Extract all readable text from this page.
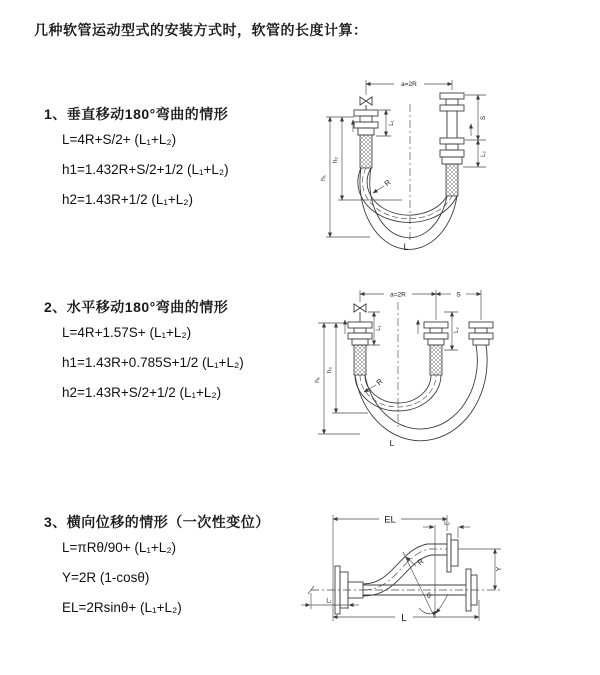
几种软管运动型式的安装方式时，软管的长度计算：
1、垂直移动180°弯曲的情形
L=4R+S/2+ (L₁+L₂)
h1=1.432R+S/2+1/2 (L₁+L₂)
h2=1.43R+1/2 (L₁+L₂)
2、水平移动180°弯曲的情形
L=4R+1.57S+ (L₁+L₂)
h1=1.43R+0.785S+1/2 (L₁+L₂)
h2=1.43R+S/2+1/2 (L₁+L₂)
3、横向位移的情形（一次性变位）
L=πRθ/90+ (L₁+L₂)
Y=2R (1-cosθ)
EL=2Rsinθ+ (L₁+L₂)
a=2R
h₂
h₁
L₁
S
L₂
R
L
a=2R	S
h₂
h₁
L₁	L₂
R
L
EL	L₂
Y
θ
R
L₁
L
